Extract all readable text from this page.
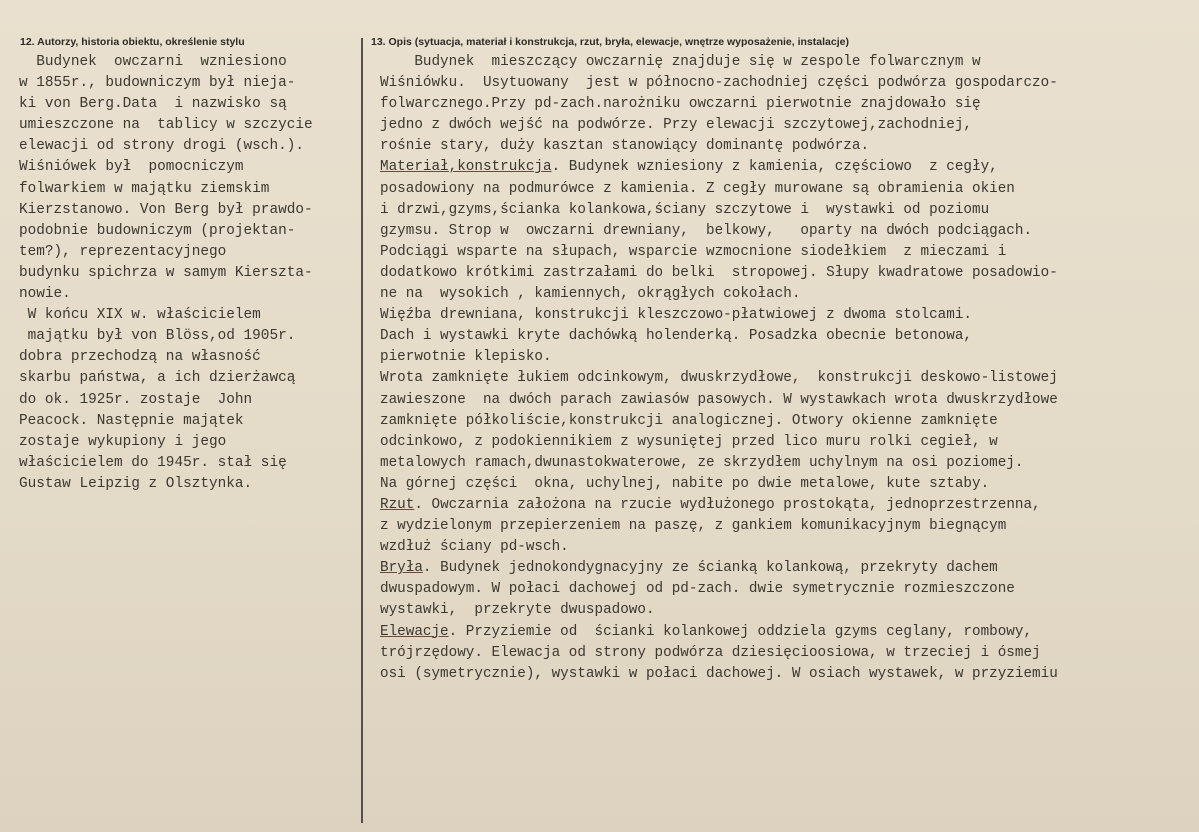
12. Autorzy, historia obiektu, określenie stylu	13. Opis (sytuacja, materiał i konstrukcja, rzut, bryła, elewacje, wnętrze wyposażenie, instalacje)
Budynek  owczarni  wzniesiono
w 1855r., budowniczym był nieja-
ki von Berg.Data  i nazwisko są
umieszczone na  tablicy w szczycie
elewacji od strony drogi (wsch.).
Wiśniówek był  pomocniczym
folwarkiem w majątku ziemskim
Kierzstanowo. Von Berg był prawdo-
podobnie budowniczym (projektan-
tem?), reprezentacyjnego
budynku spichrza w samym Kierszta-
nowie.
W końcu XIX w. właścicielem
majątku był von Blöss,od 1905r.
dobra przechodzą na własność
skarbu państwa, a ich dzierżawcą
do ok. 1925r. zostaje  John
Peacock. Następnie majątek
zostaje wykupiony i jego
właścicielem do 1945r. stał się
Gustaw Leipzig z Olsztynka.
Budynek  mieszczący owczarnię znajduje się w zespole folwarcznym w
Wiśniówku.  Usytuowany  jest w północno-zachodniej części podwórza gospodarczo-
folwarcznego.Przy pd-zach.narożniku owczarni pierwotnie znajdowało się
jedno z dwóch wejść na podwórze. Przy elewacji szczytowej,zachodniej,
rośnie stary, duży kasztan stanowiący dominantę podwórza.
Materiał,konstrukcja. Budynek wzniesiony z kamienia, częściowo  z cegły,
posadowiony na podmurówce z kamienia. Z cegły murowane są obramienia okien
i drzwi,gzyms,ścianka kolankowa,ściany szczytowe i  wystawki od poziomu
gzymsu. Strop w  owczarni drewniany,  belkowy,   oparty na dwóch podciągach.
Podciągi wsparte na słupach, wsparcie wzmocnione siodełkiem  z mieczami i
dodatkowo krótkimi zastrzałami do belki  stropowej. Słupy kwadratowe posadowio-
ne na  wysokich , kamiennych, okrągłych cokołach.
Więźba drewniana, konstrukcji kleszczowo-płatwiowej z dwoma stolcami.
Dach i wystawki kryte dachówką holenderką. Posadzka obecnie betonowa,
pierwotnie klepisko.
Wrota zamknięte łukiem odcinkowym, dwuskrzydłowe,  konstrukcji deskowo-listowej
zawieszone  na dwóch parach zawiasów pasowych. W wystawkach wrota dwuskrzydłowe
zamknięte półkoliście,konstrukcji analogicznej. Otwory okienne zamknięte
odcinkowo, z podokiennikiem z wysuniętej przed lico muru rolki cegieł, w
metalowych ramach,dwunastokwaterowe, ze skrzydłem uchylnym na osi poziomej.
Na górnej części  okna, uchylnej, nabite po dwie metalowe, kute sztaby.
Rzut. Owczarnia założona na rzucie wydłużonego prostokąta, jednoprzestrzenna,
z wydzielonym przepierzeniem na paszę, z gankiem komunikacyjnym biegnącym
wzdłuż ściany pd-wsch.
Bryła. Budynek jednokondygnacyjny ze ścianką kolankową, przekryty dachem
dwuspadowym. W połaci dachowej od pd-zach. dwie symetrycznie rozmieszczone
wystawki,  przekryte dwuspadowo.
Elewacje. Przyziemie od  ścianki kolankowej oddziela gzyms ceglany, rombowy,
trójrzędowy. Elewacja od strony podwórza dziesięcioosiowa, w trzeciej i ósmej
osi (symetrycznie), wystawki w połaci dachowej. W osiach wystawek, w przyziemiu
